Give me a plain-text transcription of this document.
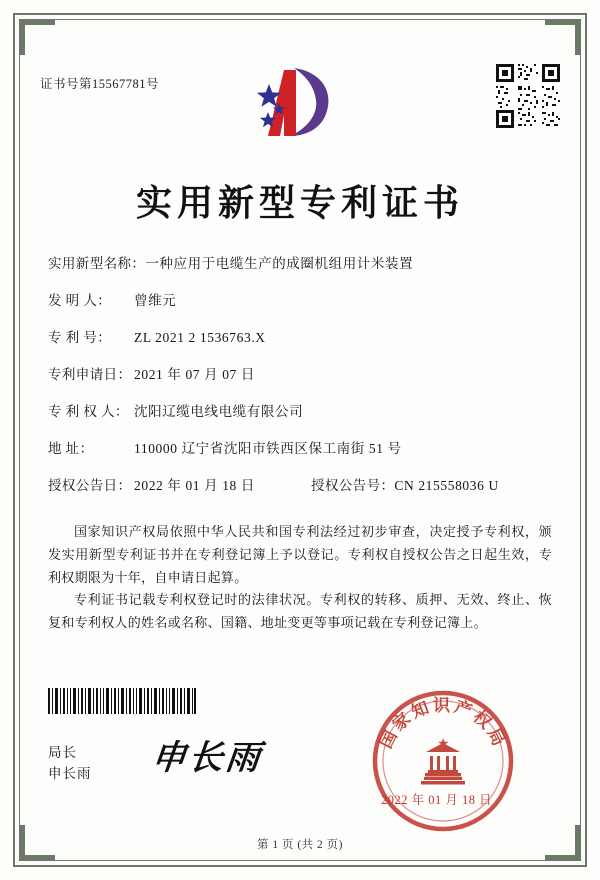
证书号第15567781号
实用新型专利证书
实用新型名称： 一种应用于电缆生产的成圈机组用计米装置
发 明 人：	曾维元
专 利 号：	ZL 2021 2 1536763.X
专利申请日： 2021 年 07 月 07 日
专 利 权 人： 沈阳辽缆电线电缆有限公司
地 址：	110000 辽宁省沈阳市铁西区保工南街 51 号
授权公告日： 2022 年 01 月 18 日	授权公告号： CN 215558036 U
国家知识产权局依照中华人民共和国专利法经过初步审查，决定授予专利权，颁发实用新型专利证书并在专利登记簿上予以登记。专利权自授权公告之日起生效，专利权期限为十年，自申请日起算。
专利证书记载专利权登记时的法律状况。专利权的转移、质押、无效、终止、恢复和专利权人的姓名或名称、国籍、地址变更等事项记载在专利登记簿上。
局长
申长雨 申长雨
国家知识产权局
2022 年 01 月 18 日
第 1 页 (共 2 页)
